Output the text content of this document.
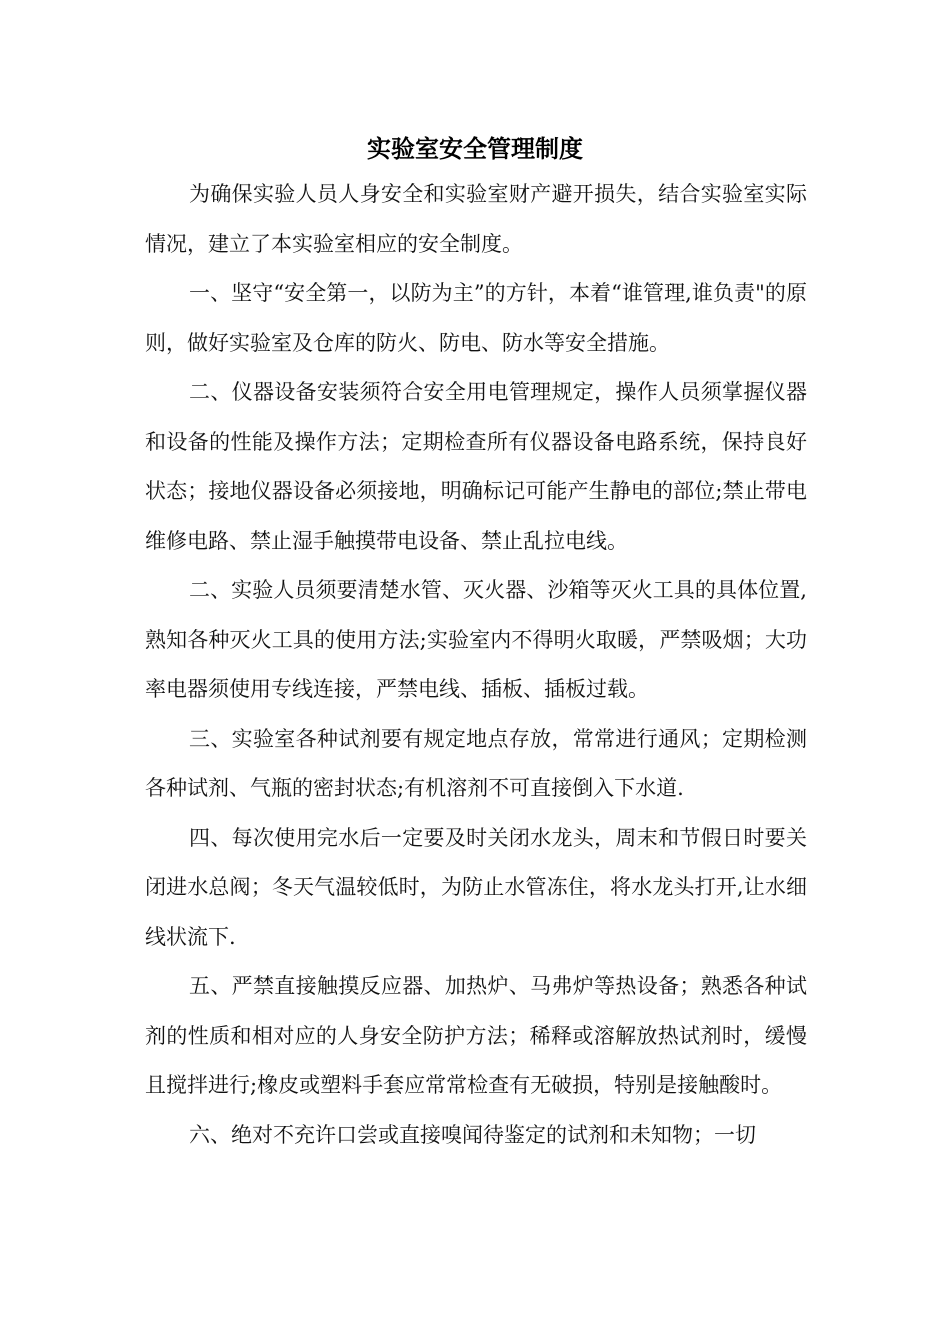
实验室安全管理制度

为确保实验人员人身安全和实验室财产避开损失，结合实验室实际情况，建立了本实验室相应的安全制度。

一、坚守“安全第一，以防为主”的方针，本着“谁管理,谁负责"的原则，做好实验室及仓库的防火、防电、防水等安全措施。

二、仪器设备安装须符合安全用电管理规定，操作人员须掌握仪器和设备的性能及操作方法；定期检查所有仪器设备电路系统，保持良好状态；接地仪器设备必须接地，明确标记可能产生静电的部位;禁止带电维修电路、禁止湿手触摸带电设备、禁止乱拉电线。

二、实验人员须要清楚水管、灭火器、沙箱等灭火工具的具体位置,熟知各种灭火工具的使用方法;实验室内不得明火取暖，严禁吸烟；大功率电器须使用专线连接，严禁电线、插板、插板过载。

三、实验室各种试剂要有规定地点存放，常常进行通风；定期检测各种试剂、气瓶的密封状态;有机溶剂不可直接倒入下水道.

四、每次使用完水后一定要及时关闭水龙头，周末和节假日时要关闭进水总阀；冬天气温较低时，为防止水管冻住，将水龙头打开,让水细线状流下.

五、严禁直接触摸反应器、加热炉、马弗炉等热设备；熟悉各种试剂的性质和相对应的人身安全防护方法；稀释或溶解放热试剂时，缓慢且搅拌进行;橡皮或塑料手套应常常检查有无破损，特别是接触酸时。

六、绝对不充许口尝或直接嗅闻待鉴定的试剂和未知物；一切
